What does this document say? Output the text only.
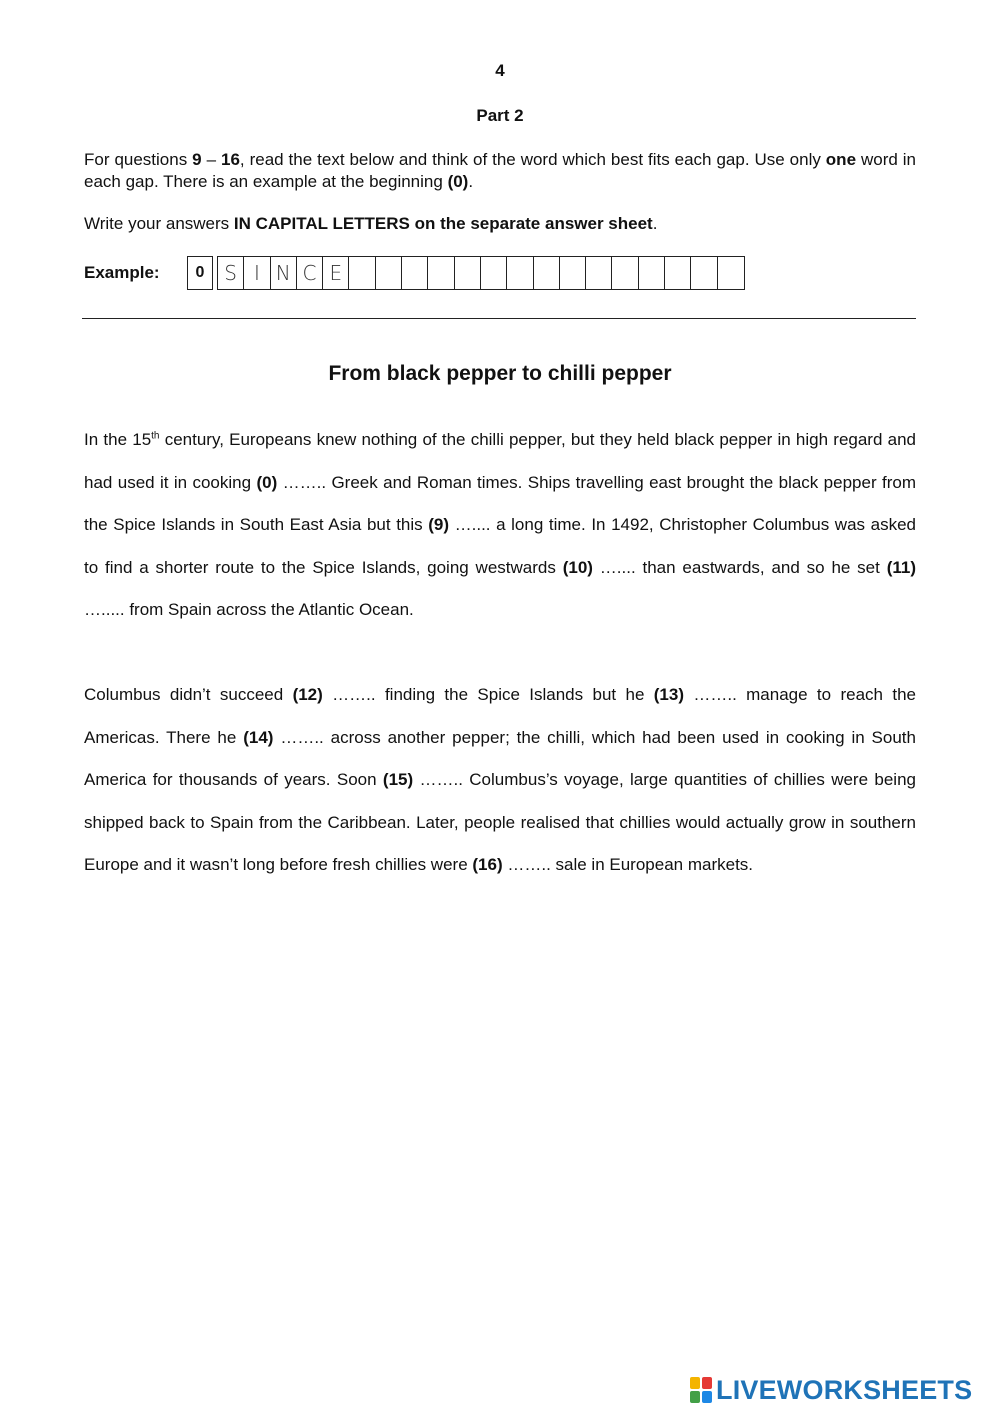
4
Part 2
For questions 9 – 16, read the text below and think of the word which best fits each gap. Use only one word in each gap. There is an example at the beginning (0).
Write your answers IN CAPITAL LETTERS on the separate answer sheet.
Example:	0 S I N C E
From black pepper to chilli pepper
In the 15th century, Europeans knew nothing of the chilli pepper, but they held black pepper in high regard and had used it in cooking (0) …….. Greek and Roman times. Ships travelling east brought the black pepper from the Spice Islands in South East Asia but this (9) ….... a long time. In 1492, Christopher Columbus was asked to find a shorter route to the Spice Islands, going westwards (10) ….... than eastwards, and so he set (11) …..... from Spain across the Atlantic Ocean.
Columbus didn’t succeed (12) …….. finding the Spice Islands but he (13) …….. manage to reach the Americas. There he (14) …….. across another pepper; the chilli, which had been used in cooking in South America for thousands of years. Soon (15) …….. Columbus’s voyage, large quantities of chillies were being shipped back to Spain from the Caribbean. Later, people realised that chillies would actually grow in southern Europe and it wasn’t long before fresh chillies were (16) …….. sale in European markets.
LIVEWORKSHEETS
